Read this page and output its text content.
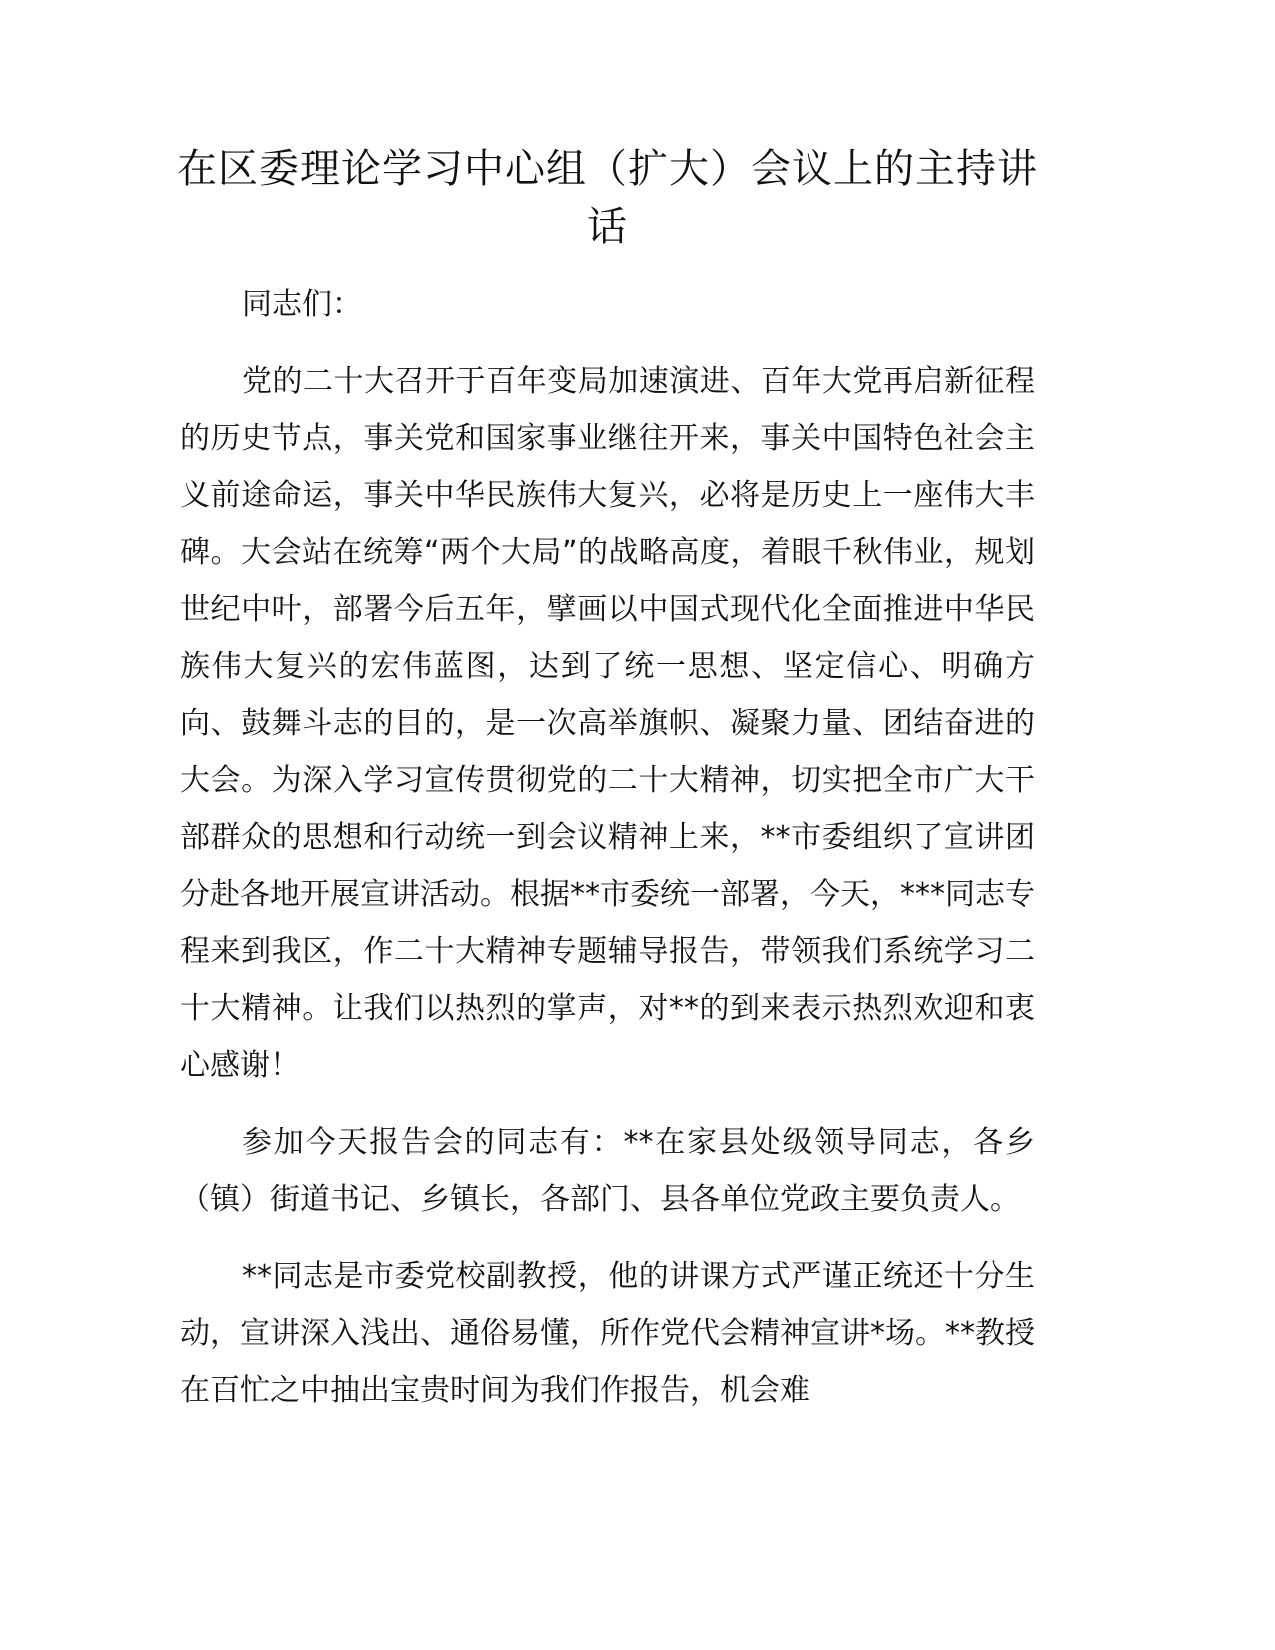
在区委理论学习中心组（扩大）会议上的主持讲话

同志们：

党的二十大召开于百年变局加速演进、百年大党再启新征程的历史节点，事关党和国家事业继往开来，事关中国特色社会主义前途命运，事关中华民族伟大复兴，必将是历史上一座伟大丰碑。大会站在统筹“两个大局”的战略高度，着眼千秋伟业，规划世纪中叶，部署今后五年，擘画以中国式现代化全面推进中华民族伟大复兴的宏伟蓝图，达到了统一思想、坚定信心、明确方向、鼓舞斗志的目的，是一次高举旗帜、凝聚力量、团结奋进的大会。为深入学习宣传贯彻党的二十大精神，切实把全市广大干部群众的思想和行动统一到会议精神上来，**市委组织了宣讲团分赴各地开展宣讲活动。根据**市委统一部署，今天，***同志专程来到我区，作二十大精神专题辅导报告，带领我们系统学习二十大精神。让我们以热烈的掌声，对**的到来表示热烈欢迎和衷心感谢！

参加今天报告会的同志有：**在家县处级领导同志，各乡（镇）街道书记、乡镇长，各部门、县各单位党政主要负责人。

**同志是市委党校副教授，他的讲课方式严谨正统还十分生动，宣讲深入浅出、通俗易懂，所作党代会精神宣讲*场。**教授在百忙之中抽出宝贵时间为我们作报告，机会难
